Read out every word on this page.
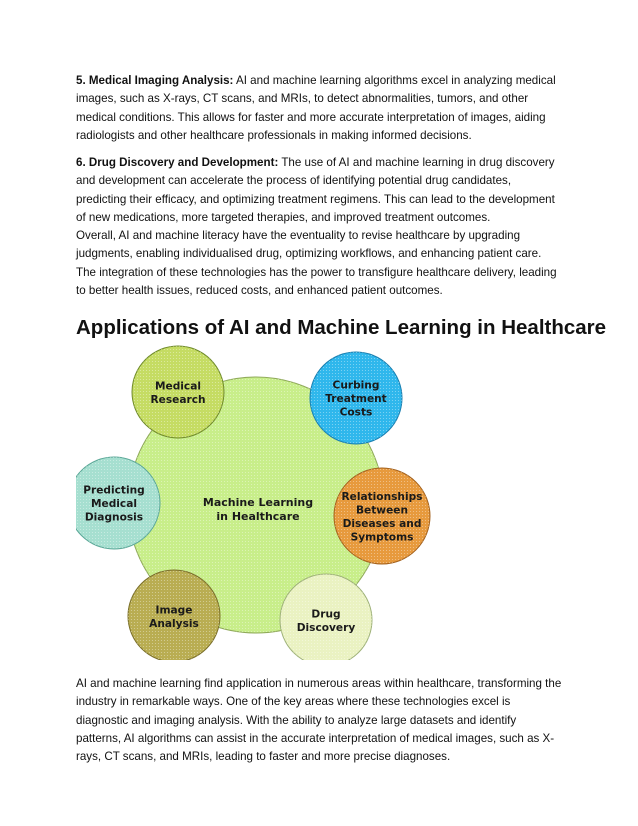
5. Medical Imaging Analysis: AI and machine learning algorithms excel in analyzing medical images, such as X-rays, CT scans, and MRIs, to detect abnormalities, tumors, and other medical conditions. This allows for faster and more accurate interpretation of images, aiding radiologists and other healthcare professionals in making informed decisions.

6. Drug Discovery and Development: The use of AI and machine learning in drug discovery and development can accelerate the process of identifying potential drug candidates, predicting their efficacy, and optimizing treatment regimens. This can lead to the development of new medications, more targeted therapies, and improved treatment outcomes.

Overall, AI and machine literacy have the eventuality to revise healthcare by upgrading judgments, enabling individualised drug, optimizing workflows, and enhancing patient care. The integration of these technologies has the power to transfigure healthcare delivery, leading to better health issues, reduced costs, and enhanced patient outcomes.

Applications of AI and Machine Learning in Healthcare
Machine Learning
in Healthcare
Medical
Research
Curbing
Treatment
Costs
Relationships
Between
Diseases and
Symptoms
Drug
Discovery
Image
Analysis
Predicting
Medical
Diagnosis

AI and machine learning find application in numerous areas within healthcare, transforming the industry in remarkable ways. One of the key areas where these technologies excel is diagnostic and imaging analysis. With the ability to analyze large datasets and identify patterns, AI algorithms can assist in the accurate interpretation of medical images, such as X-rays, CT scans, and MRIs, leading to faster and more precise diagnoses.
